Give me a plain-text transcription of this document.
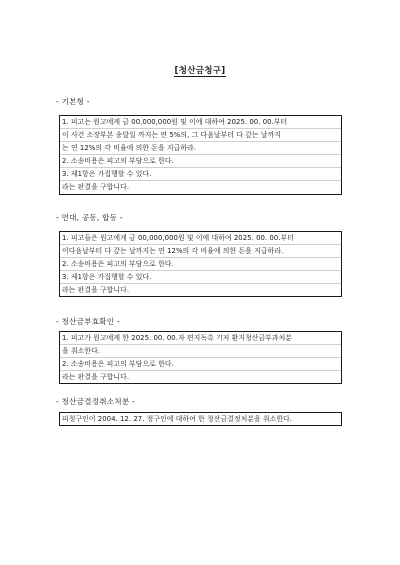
[청산금청구]
- 기본형 -
1. 피고는 원고에게 금 00,000,000원 및 이에 대하여 2025. 00. 00.부터
이 사건 소장부본 송달일 까지는 연 5%의, 그 다음날부터 다 갚는 날까지
는 연 12%의 각 비율에 의한 돈을 지급하라.
2. 소송비용은 피고의 부담으로 한다.
3. 제1항은 가집행할 수 있다.
라는 판결을 구합니다.
- 연대, 공동, 합동 -
1. 피고들은 원고에게 금 00,000,000원 및 이에 대하여 2025. 00. 00.부터
이다음날부터 다 갚는 날까지는 연 12%의 각 비율에 의한 돈을 지급하라.
2. 소송비용은 피고의 부담으로 한다.
3. 제1항은 가집행할 수 있다.
라는 판결을 구합니다.
- 청산금부효확인 -
1. 피고가 원고에게 한 2025. 00. 00.자 편지독촉 기저 환지청산금부과처분
을 취소한다.
2. 소송비용은 피고의 부담으로 한다.
라는 판결을 구합니다.
- 청산금결정취소처분 -
피청구인이 2004. 12. 27. 청구인에 대하여 한 청산금결정처분을 취소한다.
